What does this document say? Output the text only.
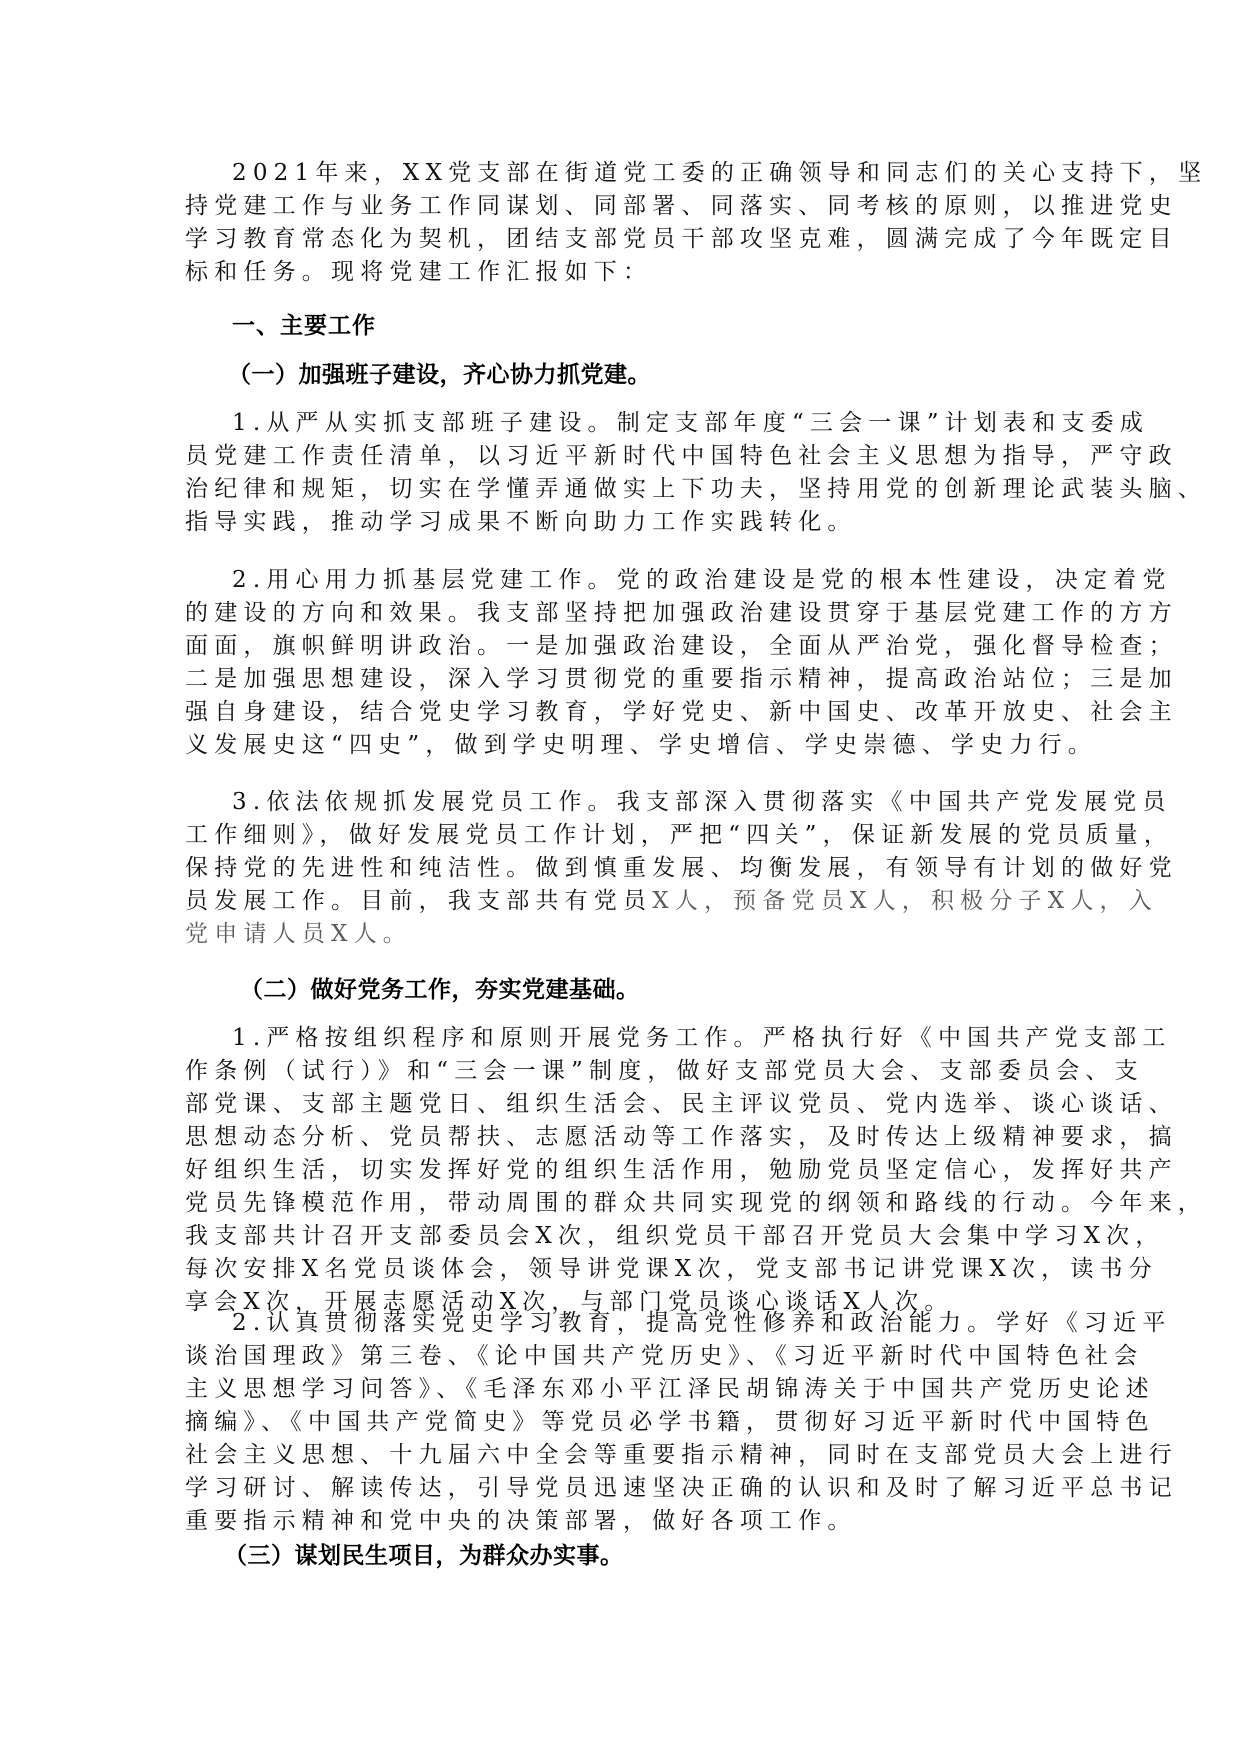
2021年来，XX党支部在街道党工委的正确领导和同志们的关心支持下，坚
持党建工作与业务工作同谋划、同部署、同落实、同考核的原则，以推进党史
学习教育常态化为契机，团结支部党员干部攻坚克难，圆满完成了今年既定目
标和任务。现将党建工作汇报如下：
一、主要工作
（一）加强班子建设，齐心协力抓党建。
1.从严从实抓支部班子建设。制定支部年度“三会一课”计划表和支委成
员党建工作责任清单，以习近平新时代中国特色社会主义思想为指导，严守政
治纪律和规矩，切实在学懂弄通做实上下功夫，坚持用党的创新理论武装头脑、
指导实践，推动学习成果不断向助力工作实践转化。
2.用心用力抓基层党建工作。党的政治建设是党的根本性建设，决定着党
的建设的方向和效果。我支部坚持把加强政治建设贯穿于基层党建工作的方方
面面，旗帜鲜明讲政治。一是加强政治建设，全面从严治党，强化督导检查；
二是加强思想建设，深入学习贯彻党的重要指示精神，提高政治站位；三是加
强自身建设，结合党史学习教育，学好党史、新中国史、改革开放史、社会主
义发展史这“四史”，做到学史明理、学史增信、学史崇德、学史力行。
3.依法依规抓发展党员工作。我支部深入贯彻落实《中国共产党发展党员
工作细则》，做好发展党员工作计划，严把“四关”，保证新发展的党员质量，
保持党的先进性和纯洁性。做到慎重发展、均衡发展，有领导有计划的做好党
员发展工作。目前，我支部共有党员X人，预备党员X人，积极分子X人，入
党申请人员X人。
（二）做好党务工作，夯实党建基础。
1.严格按组织程序和原则开展党务工作。严格执行好《中国共产党支部工
作条例（试行）》和“三会一课”制度，做好支部党员大会、支部委员会、支
部党课、支部主题党日、组织生活会、民主评议党员、党内选举、谈心谈话、
思想动态分析、党员帮扶、志愿活动等工作落实，及时传达上级精神要求，搞
好组织生活，切实发挥好党的组织生活作用，勉励党员坚定信心，发挥好共产
党员先锋模范作用，带动周围的群众共同实现党的纲领和路线的行动。今年来，
我支部共计召开支部委员会X次，组织党员干部召开党员大会集中学习X次，
每次安排X名党员谈体会，领导讲党课X次，党支部书记讲党课X次，读书分
享会X次，开展志愿活动X次，与部门党员谈心谈话X人次。
2.认真贯彻落实党史学习教育，提高党性修养和政治能力。学好《习近平
谈治国理政》第三卷、《论中国共产党历史》、《习近平新时代中国特色社会
主义思想学习问答》、《毛泽东邓小平江泽民胡锦涛关于中国共产党历史论述
摘编》、《中国共产党简史》等党员必学书籍，贯彻好习近平新时代中国特色
社会主义思想、十九届六中全会等重要指示精神，同时在支部党员大会上进行
学习研讨、解读传达，引导党员迅速坚决正确的认识和及时了解习近平总书记
重要指示精神和党中央的决策部署，做好各项工作。
（三）谋划民生项目，为群众办实事。
